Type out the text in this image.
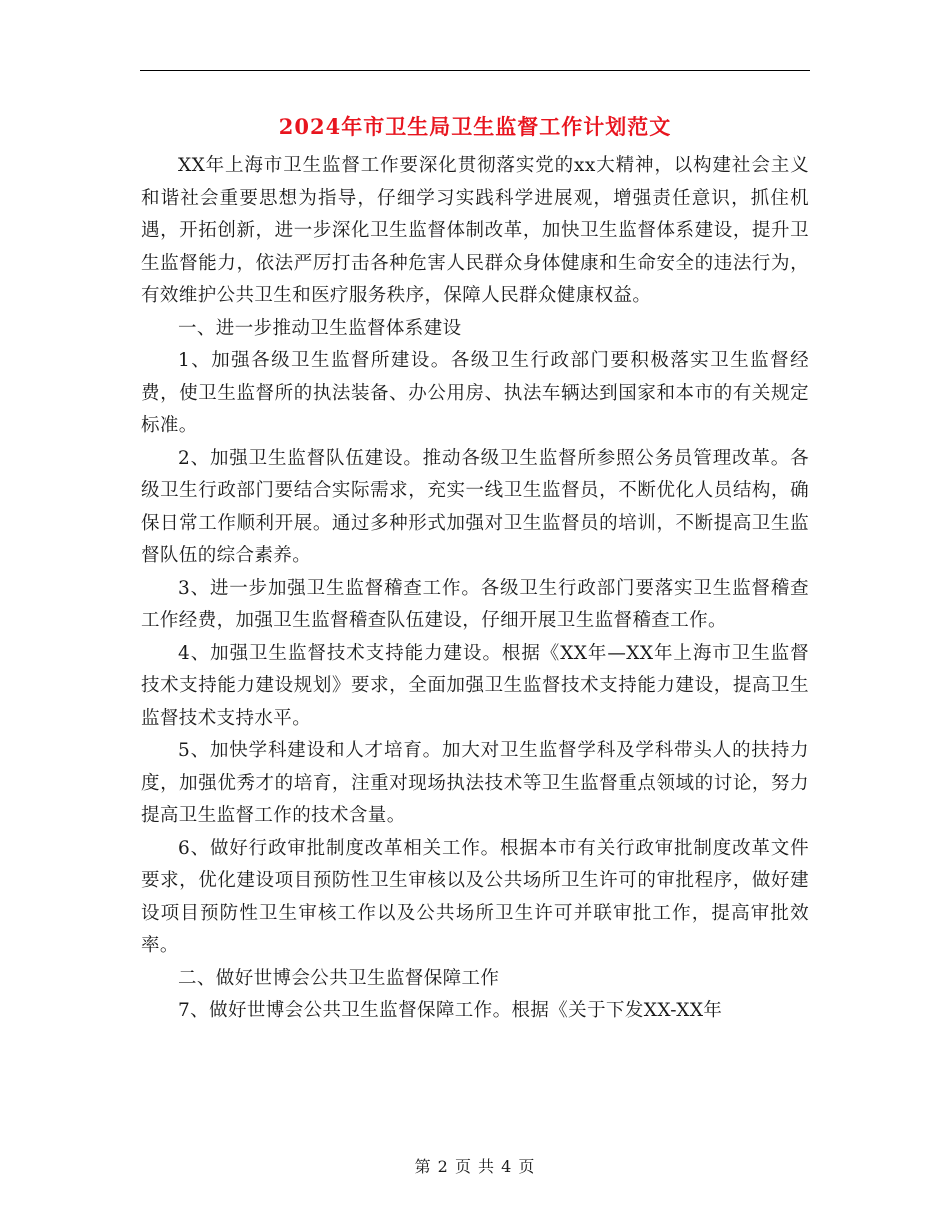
2024年市卫生局卫生监督工作计划范文

XX年上海市卫生监督工作要深化贯彻落实党的xx大精神，以构建社会主义和谐社会重要思想为指导，仔细学习实践科学进展观，增强责任意识，抓住机遇，开拓创新，进一步深化卫生监督体制改革，加快卫生监督体系建设，提升卫生监督能力，依法严厉打击各种危害人民群众身体健康和生命安全的违法行为，有效维护公共卫生和医疗服务秩序，保障人民群众健康权益。

一、进一步推动卫生监督体系建设

1、加强各级卫生监督所建设。各级卫生行政部门要积极落实卫生监督经费，使卫生监督所的执法装备、办公用房、执法车辆达到国家和本市的有关规定标准。

2、加强卫生监督队伍建设。推动各级卫生监督所参照公务员管理改革。各级卫生行政部门要结合实际需求，充实一线卫生监督员，不断优化人员结构，确保日常工作顺利开展。通过多种形式加强对卫生监督员的培训，不断提高卫生监督队伍的综合素养。

3、进一步加强卫生监督稽查工作。各级卫生行政部门要落实卫生监督稽查工作经费，加强卫生监督稽查队伍建设，仔细开展卫生监督稽查工作。

4、加强卫生监督技术支持能力建设。根据《XX年—XX年上海市卫生监督技术支持能力建设规划》要求，全面加强卫生监督技术支持能力建设，提高卫生监督技术支持水平。

5、加快学科建设和人才培育。加大对卫生监督学科及学科带头人的扶持力度，加强优秀才的培育，注重对现场执法技术等卫生监督重点领域的讨论，努力提高卫生监督工作的技术含量。

6、做好行政审批制度改革相关工作。根据本市有关行政审批制度改革文件要求，优化建设项目预防性卫生审核以及公共场所卫生许可的审批程序，做好建设项目预防性卫生审核工作以及公共场所卫生许可并联审批工作，提高审批效率。

二、做好世博会公共卫生监督保障工作

7、做好世博会公共卫生监督保障工作。根据《关于下发XX-XX年

第 2 页 共 4 页
